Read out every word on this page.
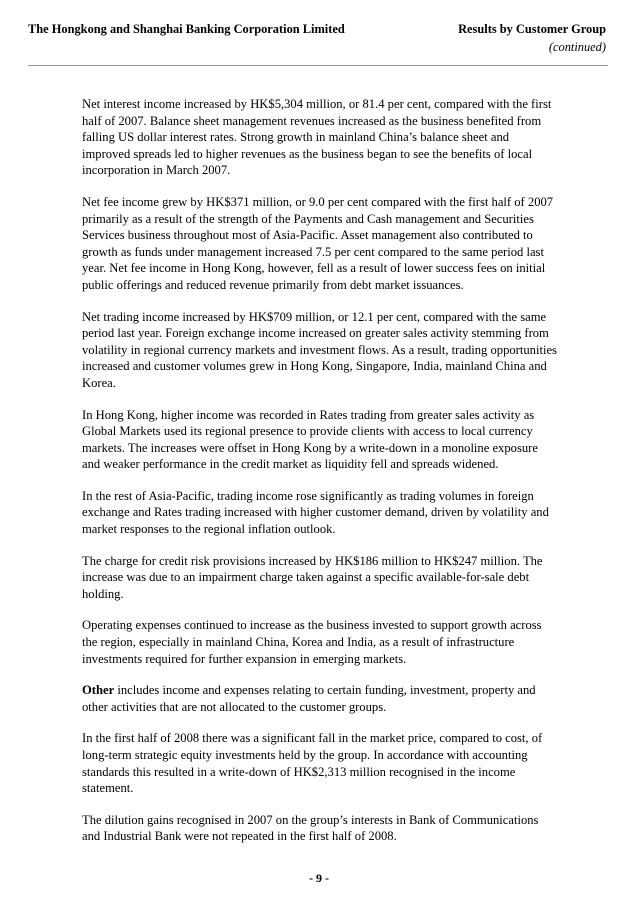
The Hongkong and Shanghai Banking Corporation Limited	Results by Customer Group
(continued)

Net interest income increased by HK$5,304 million, or 81.4 per cent, compared with the first half of 2007. Balance sheet management revenues increased as the business benefited from falling US dollar interest rates. Strong growth in mainland China’s balance sheet and improved spreads led to higher revenues as the business began to see the benefits of local incorporation in March 2007.

Net fee income grew by HK$371 million, or 9.0 per cent compared with the first half of 2007 primarily as a result of the strength of the Payments and Cash management and Securities Services business throughout most of Asia-Pacific. Asset management also contributed to growth as funds under management increased 7.5 per cent compared to the same period last year. Net fee income in Hong Kong, however, fell as a result of lower success fees on initial public offerings and reduced revenue primarily from debt market issuances.

Net trading income increased by HK$709 million, or 12.1 per cent, compared with the same period last year. Foreign exchange income increased on greater sales activity stemming from volatility in regional currency markets and investment flows. As a result, trading opportunities increased and customer volumes grew in Hong Kong, Singapore, India, mainland China and Korea.

In Hong Kong, higher income was recorded in Rates trading from greater sales activity as Global Markets used its regional presence to provide clients with access to local currency markets. The increases were offset in Hong Kong by a write-down in a monoline exposure and weaker performance in the credit market as liquidity fell and spreads widened.

In the rest of Asia-Pacific, trading income rose significantly as trading volumes in foreign exchange and Rates trading increased with higher customer demand, driven by volatility and market responses to the regional inflation outlook.

The charge for credit risk provisions increased by HK$186 million to HK$247 million. The increase was due to an impairment charge taken against a specific available-for-sale debt holding.

Operating expenses continued to increase as the business invested to support growth across the region, especially in mainland China, Korea and India, as a result of infrastructure investments required for further expansion in emerging markets.

Other includes income and expenses relating to certain funding, investment, property and other activities that are not allocated to the customer groups.

In the first half of 2008 there was a significant fall in the market price, compared to cost, of long-term strategic equity investments held by the group. In accordance with accounting standards this resulted in a write-down of HK$2,313 million recognised in the income statement.

The dilution gains recognised in 2007 on the group’s interests in Bank of Communications and Industrial Bank were not repeated in the first half of 2008.

- 9 -
